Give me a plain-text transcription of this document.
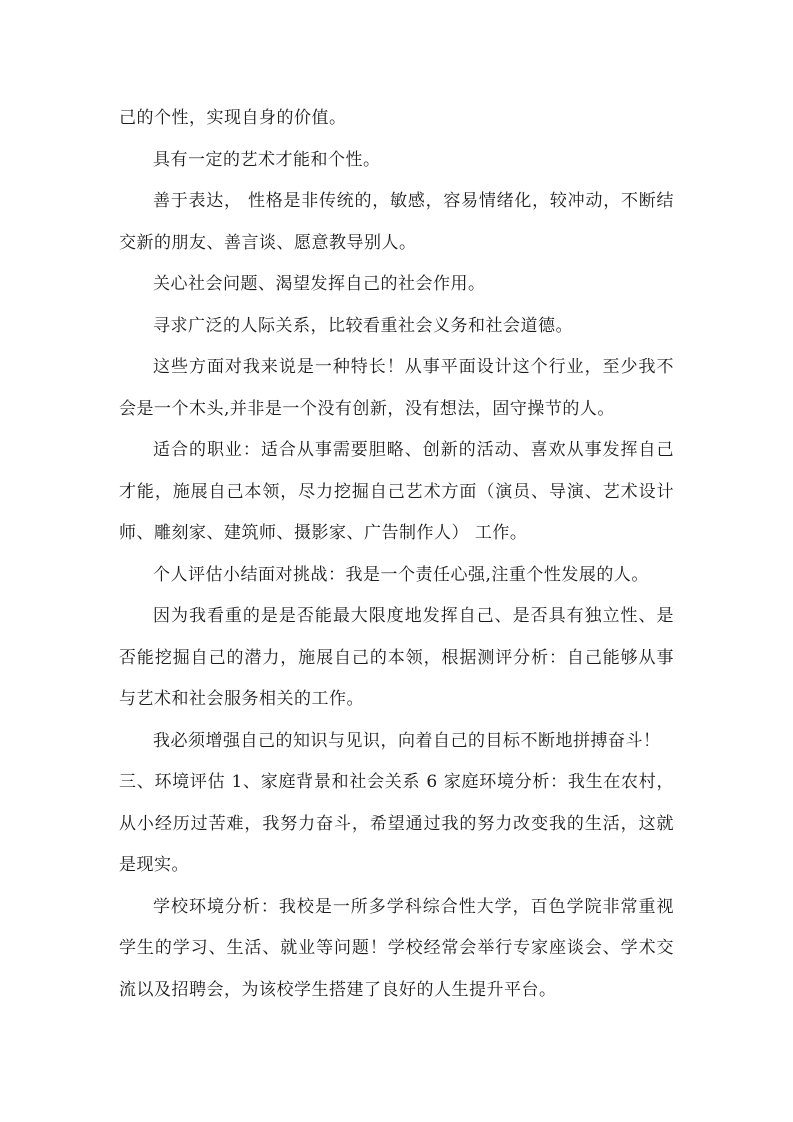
己的个性，实现自身的价值。

具有一定的艺术才能和个性。

善于表达， 性格是非传统的，敏感，容易情绪化，较冲动，不断结交新的朋友、善言谈、愿意教导别人。

关心社会问题、渴望发挥自己的社会作用。

寻求广泛的人际关系，比较看重社会义务和社会道德。

这些方面对我来说是一种特长！从事平面设计这个行业，至少我不会是一个木头,并非是一个没有创新，没有想法，固守操节的人。

适合的职业：适合从事需要胆略、创新的活动、喜欢从事发挥自己才能，施展自己本领，尽力挖掘自己艺术方面（演员、导演、艺术设计师、雕刻家、建筑师、摄影家、广告制作人） 工作。

个人评估小结面对挑战：我是一个责任心强,注重个性发展的人。

因为我看重的是是否能最大限度地发挥自己、是否具有独立性、是否能挖掘自己的潜力，施展自己的本领，根据测评分析：自己能够从事与艺术和社会服务相关的工作。

我必须增强自己的知识与见识，向着自己的目标不断地拼搏奋斗！

三、环境评估 1、家庭背景和社会关系 6 家庭环境分析：我生在农村，从小经历过苦难，我努力奋斗，希望通过我的努力改变我的生活，这就是现实。

学校环境分析：我校是一所多学科综合性大学，百色学院非常重视学生的学习、生活、就业等问题！学校经常会举行专家座谈会、学术交流以及招聘会，为该校学生搭建了良好的人生提升平台。
